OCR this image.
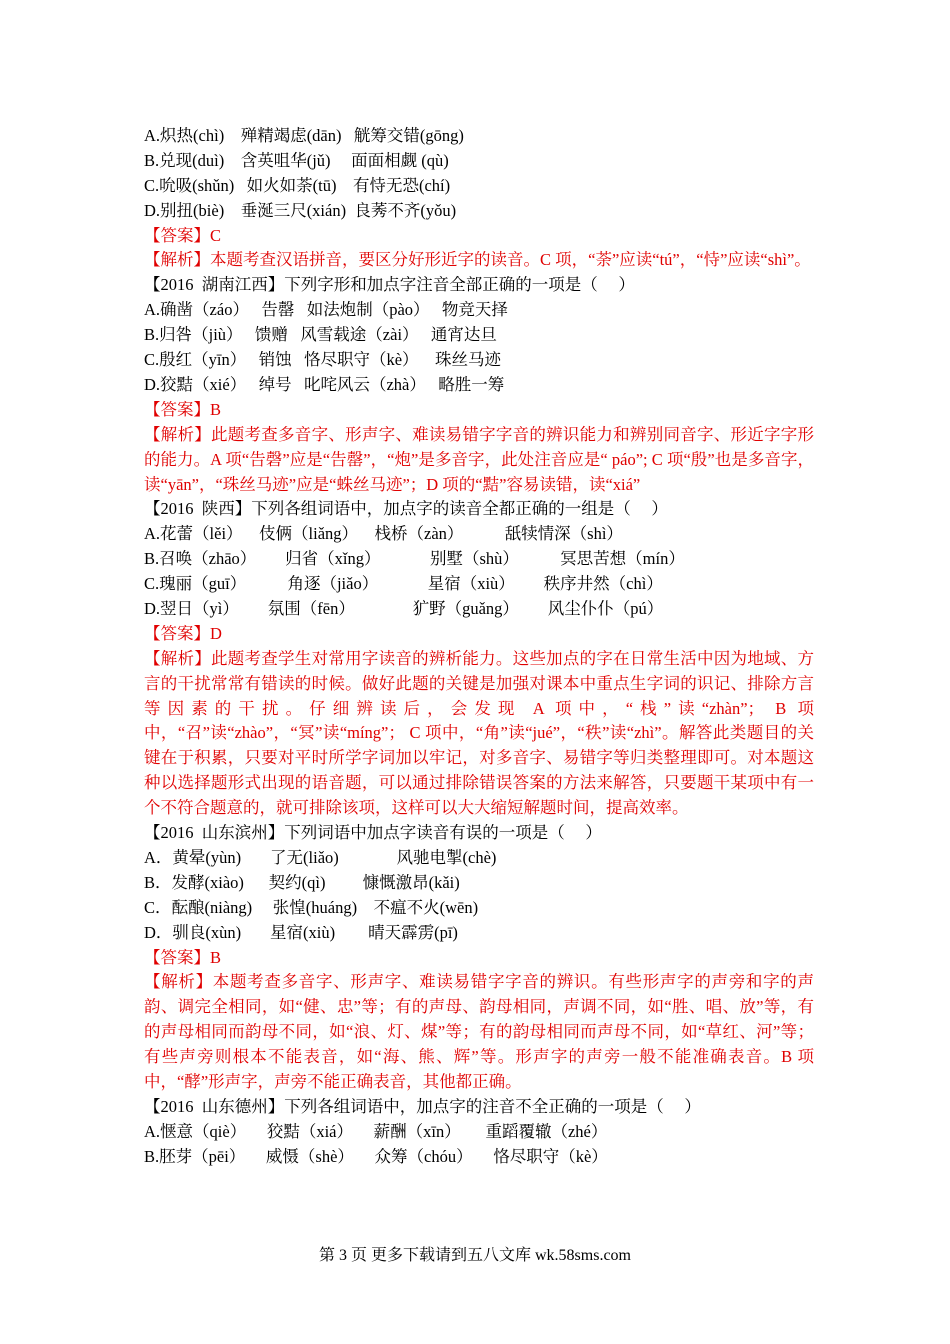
A.炽热(chì)    殚精竭虑(dān)   觥筹交错(gōng)
B.兑现(duì)    含英咀华(jǔ)     面面相觑 (qù)
C.吮吸(shǔn)   如火如荼(tū)    有恃无恐(chí)
D.别扭(biè)    垂涎三尺(xián)  良莠不齐(yǒu)
【答案】C
【解析】本题考查汉语拼音，要区分好形近字的读音。C 项，“荼”应读“tú”，“恃”应读“shì”。
【2016  湖南江西】下列字形和加点字注音全部正确的一项是（     ）
A.确凿（záo）   告罄   如法炮制（pào）   物竞天择
B.归咎（jiù）   馈赠   风雪载途（zài）   通宵达旦
C.殷红（yīn）   销蚀   恪尽职守（kè）    珠丝马迹
D.狡黠（xié）   绰号   叱咤风云（zhà）   略胜一筹
【答案】B
【解析】此题考查多音字、形声字、难读易错字字音的辨识能力和辨别同音字、形近字字形的能力。A 项“告磬”应是“告罄”，“炮”是多音字，此处注音应是“ páo”; C 项“殷”也是多音字，读“yān”，“珠丝马迹”应是“蛛丝马迹”；D 项的“黠”容易读错，读“xiá”
【2016  陕西】下列各组词语中，加点字的读音全都正确的一组是（     ）
A.花蕾（lěi）    伎俩（liǎng）    栈桥（zàn）          舐犊情深（shì）
B.召唤（zhāo）       归省（xǐng）            别墅（shù）          冥思苦想（mín）
C.瑰丽（guī）          角逐（jiǎo）            星宿（xiù）       秩序井然（chì）
D.翌日（yì）       氛围（fēn）              犷野（guǎng）       风尘仆仆（pú）
【答案】D
【解析】此题考查学生对常用字读音的辨析能力。这些加点的字在日常生活中因为地域、方言的干扰常常有错读的时候。做好此题的关键是加强对课本中重点生字词的识记、排除方言等因素的干扰。仔细辨读后，会发现 A 项中，“栈”读“zhàn”； B 项中，“召”读“zhào”，“冥”读“míng”； C 项中，“角”读“jué”，“秩”读“zhì”。解答此类题目的关键在于积累，只要对平时所学字词加以牢记，对多音字、易错字等归类整理即可。对本题这种以选择题形式出现的语音题，可以通过排除错误答案的方法来解答，只要题干某项中有一个不符合题意的，就可排除该项，这样可以大大缩短解题时间，提高效率。
【2016  山东滨州】下列词语中加点字读音有误的一项是（     ）
A．黄晕(yùn)       了无(liǎo)              风驰电掣(chè)
B．发酵(xiào)      契约(qì)         慷慨激昂(kǎi)
C．酝酿(niàng)     张惶(huáng)    不瘟不火(wēn)
D．驯良(xùn)       星宿(xiù)        晴天霹雳(pī)
【答案】B
【解析】本题考查多音字、形声字、难读易错字字音的辨识。有些形声字的声旁和字的声韵、调完全相同，如“健、忠”等；有的声母、韵母相同，声调不同，如“胜、唱、放”等，有的声母相同而韵母不同，如“浪、灯、煤”等；有的韵母相同而声母不同，如“草红、河”等；有些声旁则根本不能表音，如“海、熊、辉”等。形声字的声旁一般不能准确表音。B 项中，“酵”形声字，声旁不能正确表音，其他都正确。
【2016  山东德州】下列各组词语中，加点字的注音不全正确的一项是（     ）
A.惬意（qiè）     狡黠（xiá）     薪酬（xīn）      重蹈覆辙（zhé）
B.胚芽（pēi）     威慑（shè）     众筹（chóu）     恪尽职守（kè）
第 3 页 更多下载请到五八文库 wk.58sms.com
